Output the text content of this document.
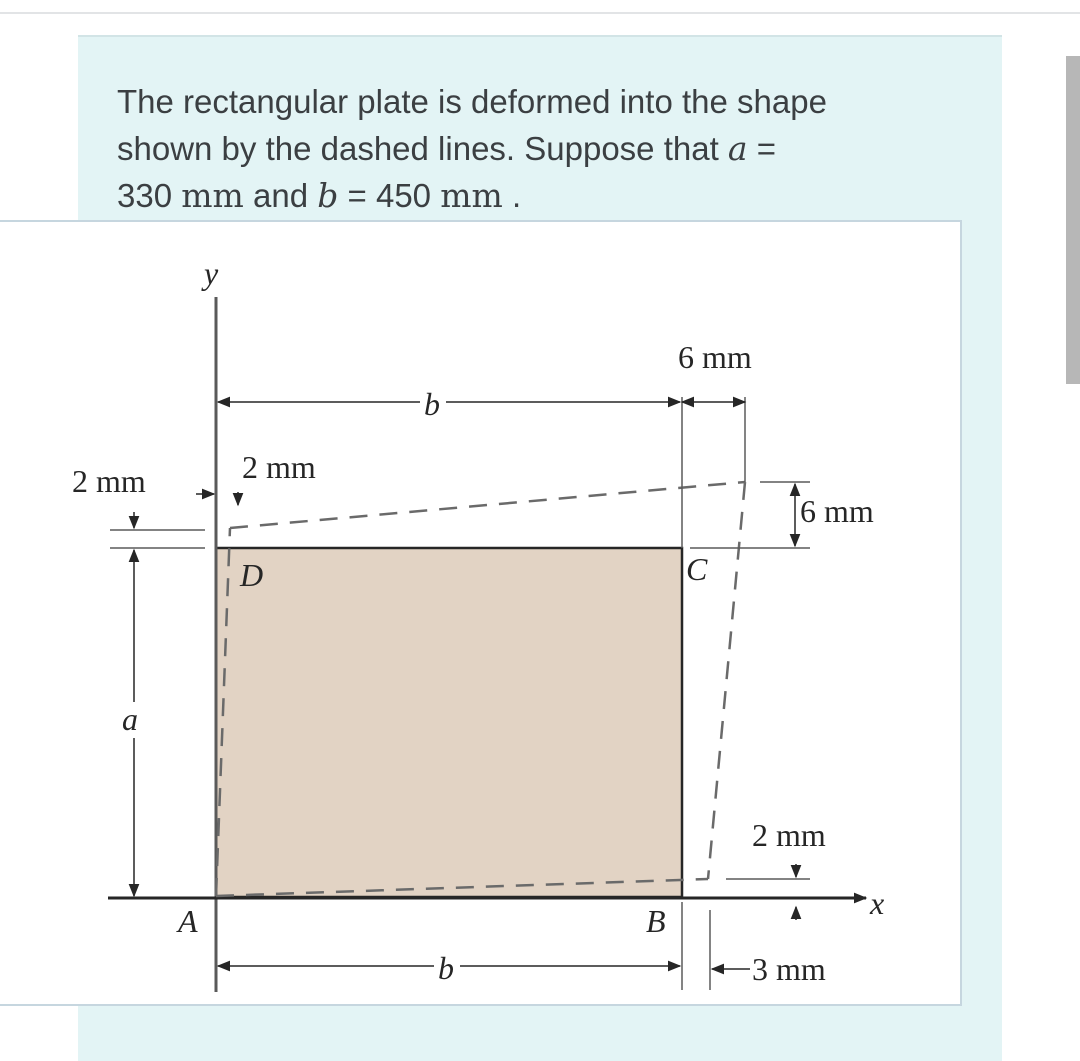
The rectangular plate is deformed into the shape
shown by the dashed lines. Suppose that a =
330 mm and b = 450 mm .
b
b
a
y
x
A	B
C
D
6 mm
6 mm
2 mm	2 mm
2 mm
3 mm
